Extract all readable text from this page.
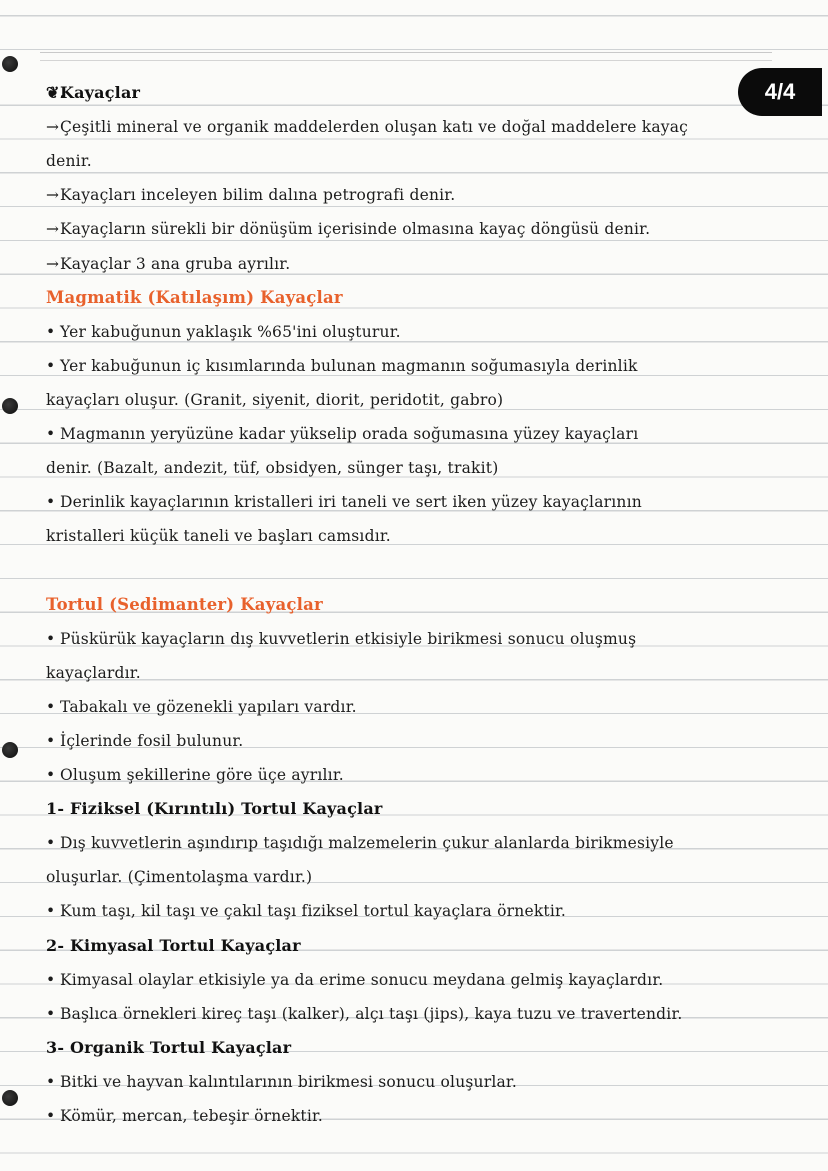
4/4
❦.Kayaçlar
→Çeşitli mineral ve organik maddelerden oluşan katı ve doğal maddelere kayaç
denir.
→Kayaçları inceleyen bilim dalına petrografi denir.
→Kayaçların sürekli bir dönüşüm içerisinde olmasına kayaç döngüsü denir.
→Kayaçlar 3 ana gruba ayrılır.
Magmatik (Katılaşım) Kayaçlar
•Yer kabuğunun yaklaşık %65'ini oluşturur.
•Yer kabuğunun iç kısımlarında bulunan magmanın soğumasıyla derinlik
kayaçları oluşur. (Granit, siyenit, diorit, peridotit, gabro)
•Magmanın yeryüzüne kadar yükselip orada soğumasına yüzey kayaçları
denir. (Bazalt, andezit, tüf, obsidyen, sünger taşı, trakit)
•Derinlik kayaçlarının kristalleri iri taneli ve sert iken yüzey kayaçlarının
kristalleri küçük taneli ve başları camsıdır.
Tortul (Sedimanter) Kayaçlar
•Püskürük kayaçların dış kuvvetlerin etkisiyle birikmesi sonucu oluşmuş
kayaçlardır.
•Tabakalı ve gözenekli yapıları vardır.
•İçlerinde fosil bulunur.
•Oluşum şekillerine göre üçe ayrılır.
1- Fiziksel (Kırıntılı) Tortul Kayaçlar
•Dış kuvvetlerin aşındırıp taşıdığı malzemelerin çukur alanlarda birikmesiyle
oluşurlar. (Çimentolaşma vardır.)
•Kum taşı, kil taşı ve çakıl taşı fiziksel tortul kayaçlara örnektir.
2- Kimyasal Tortul Kayaçlar
•Kimyasal olaylar etkisiyle ya da erime sonucu meydana gelmiş kayaçlardır.
•Başlıca örnekleri kireç taşı (kalker), alçı taşı (jips), kaya tuzu ve travertendir.
3- Organik Tortul Kayaçlar
•Bitki ve hayvan kalıntılarının birikmesi sonucu oluşurlar.
•Kömür, mercan, tebeşir örnektir.
